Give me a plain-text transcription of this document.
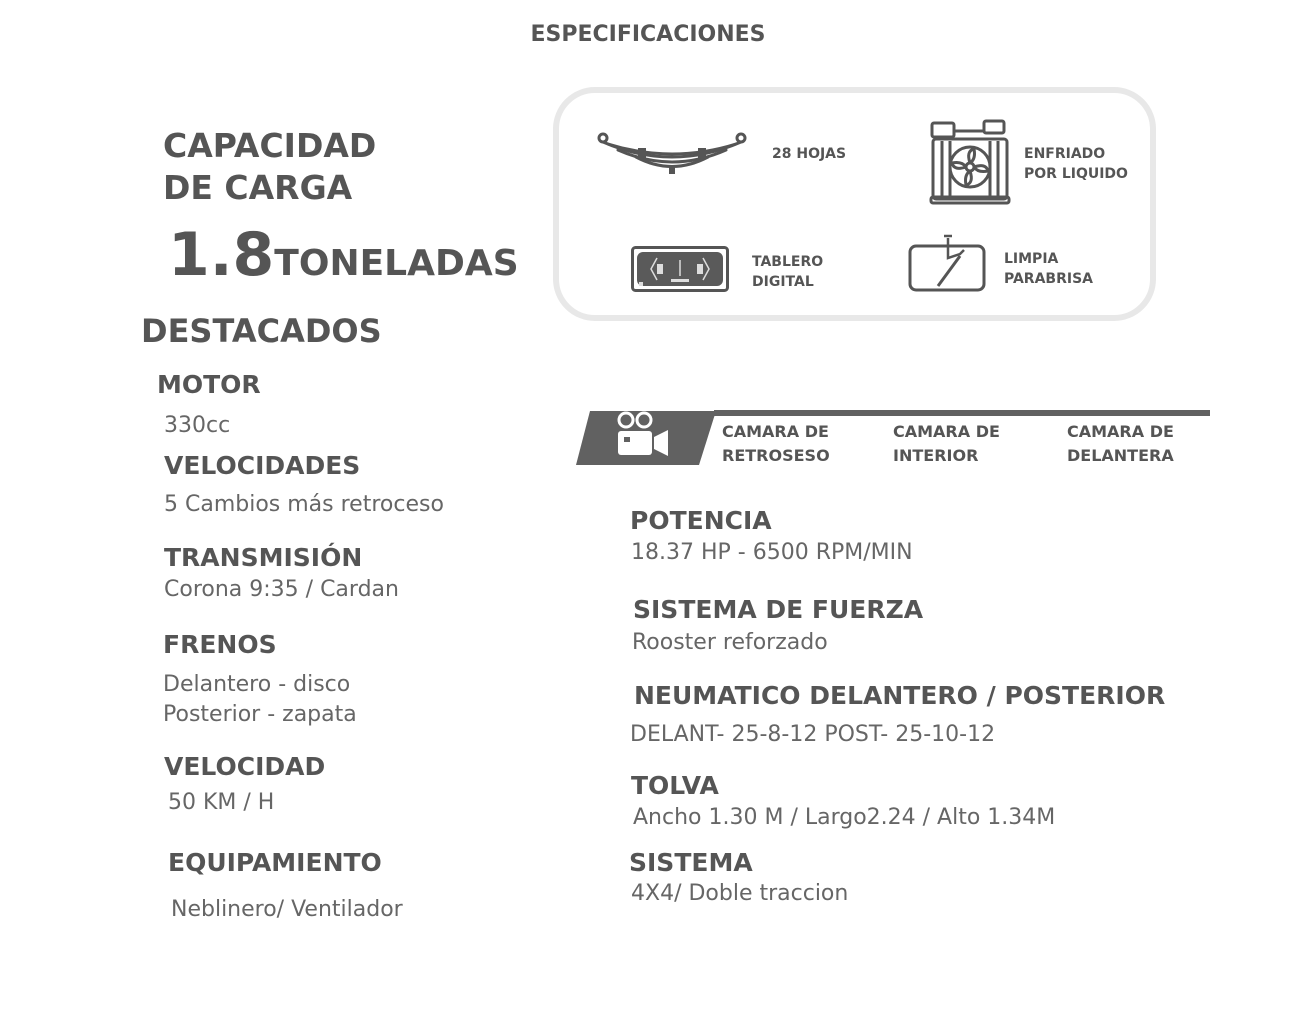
ESPECIFICACIONES
CAPACIDAD
DE CARGA
1.8TONELADAS
DESTACADOS
MOTOR
330cc
VELOCIDADES
5 Cambios más retroceso
TRANSMISIÓN
Corona 9:35 / Cardan
FRENOS
Delantero - disco
Posterior - zapata
VELOCIDAD
50 KM / H
EQUIPAMIENTO
Neblinero/ Ventilador
28 HOJAS	ENFRIADO
POR LIQUIDO
TABLERO
DIGITAL
LIMPIA
PARABRISA
CAMARA DE
RETROSESO
CAMARA DE
INTERIOR
CAMARA DE
DELANTERA
POTENCIA
18.37 HP - 6500 RPM/MIN
SISTEMA DE FUERZA
Rooster reforzado
NEUMATICO DELANTERO / POSTERIOR
DELANT- 25-8-12 POST- 25-10-12
TOLVA
Ancho 1.30 M / Largo2.24 / Alto 1.34M
SISTEMA
4X4/ Doble traccion
